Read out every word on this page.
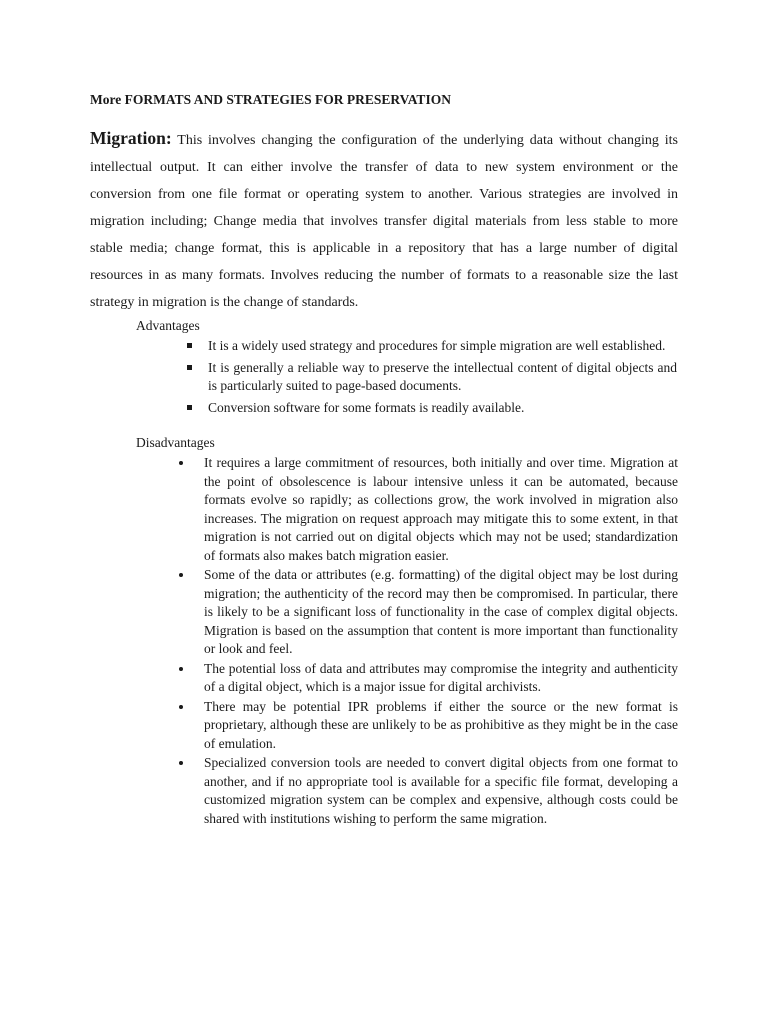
More FORMATS AND STRATEGIES FOR PRESERVATION

Migration: This involves changing the configuration of the underlying data without changing its intellectual output. It can either involve the transfer of data to new system environment or the conversion from one file format or operating system to another. Various strategies are involved in migration including; Change media that involves transfer digital materials from less stable to more stable media; change format, this is applicable in a repository that has a large number of digital resources in as many formats. Involves reducing the number of formats to a reasonable size the last strategy in migration is the change of standards.

Advantages
It is a widely used strategy and procedures for simple migration are well established.
It is generally a reliable way to preserve the intellectual content of digital objects and is particularly suited to page-based documents.
Conversion software for some formats is readily available.
Disadvantages
It requires a large commitment of resources, both initially and over time. Migration at the point of obsolescence is labour intensive unless it can be automated, because formats evolve so rapidly; as collections grow, the work involved in migration also increases. The migration on request approach may mitigate this to some extent, in that migration is not carried out on digital objects which may not be used; standardization of formats also makes batch migration easier.
Some of the data or attributes (e.g. formatting) of the digital object may be lost during migration; the authenticity of the record may then be compromised. In particular, there is likely to be a significant loss of functionality in the case of complex digital objects. Migration is based on the assumption that content is more important than functionality or look and feel.
The potential loss of data and attributes may compromise the integrity and authenticity of a digital object, which is a major issue for digital archivists.
There may be potential IPR problems if either the source or the new format is proprietary, although these are unlikely to be as prohibitive as they might be in the case of emulation.
Specialized conversion tools are needed to convert digital objects from one format to another, and if no appropriate tool is available for a specific file format, developing a customized migration system can be complex and expensive, although costs could be shared with institutions wishing to perform the same migration.
